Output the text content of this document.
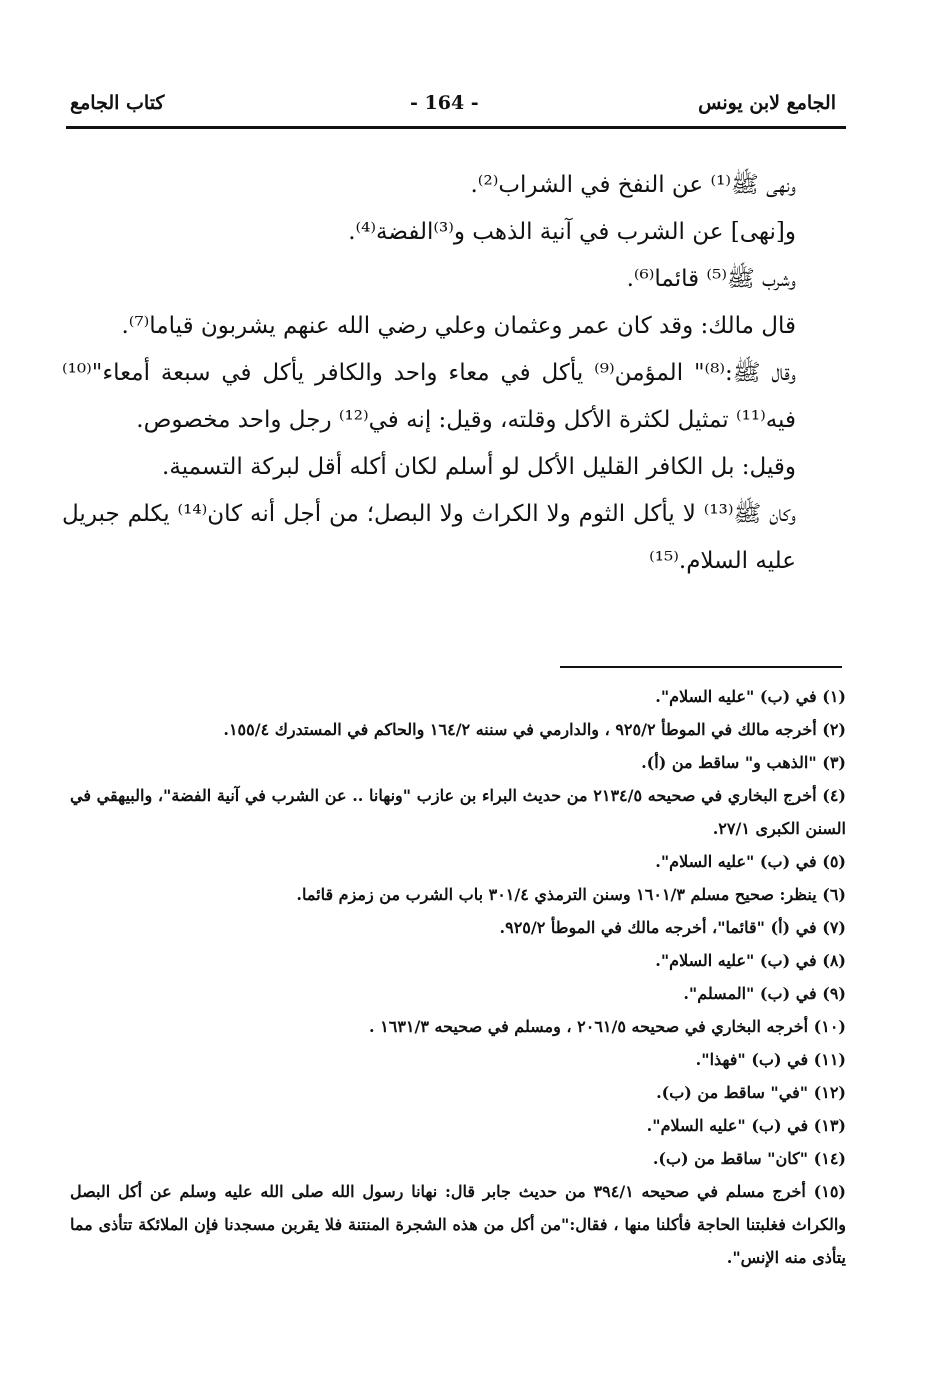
الجامع لابن يونس
- 164 -
كتاب الجامع

ونهى ﷺ⁽¹⁾ عن النفخ في الشراب⁽²⁾.

و[نهى] عن الشرب في آنية الذهب و⁽³⁾الفضة⁽⁴⁾.

وشرب ﷺ⁽⁵⁾ قائما⁽⁶⁾.

قال مالك: وقد كان عمر وعثمان وعلي رضي الله عنهم يشربون قياما⁽⁷⁾.

وقال ﷺ:⁽⁸⁾" المؤمن⁽⁹⁾ يأكل في معاء واحد والكافر يأكل في سبعة أمعاء"⁽¹⁰⁾ فيه⁽¹¹⁾ تمثيل لكثرة الأكل وقلته، وقيل: إنه في⁽¹²⁾ رجل واحد مخصوص.

وقيل: بل الكافر القليل الأكل لو أسلم لكان أكله أقل لبركة التسمية.

وكان ﷺ⁽¹³⁾ لا يأكل الثوم ولا الكراث ولا البصل؛ من أجل أنه كان⁽¹⁴⁾ يكلم جبريل عليه السلام.⁽¹⁵⁾

(١) في (ب) "عليه السلام".

(٢) أخرجه مالك في الموطأ ٩٢٥/٢ ، والدارمي في سننه ١٦٤/٢ والحاكم في المستدرك ١٥٥/٤.

(٣) "الذهب و" ساقط من (أ).

(٤) أخرج البخاري في صحيحه ٢١٣٤/٥ من حديث البراء بن عازب "ونهانا .. عن الشرب في آنية الفضة"، والبيهقي في السنن الكبرى ٢٧/١.

(٥) في (ب) "عليه السلام".

(٦) ينظر: صحيح مسلم ١٦٠١/٣ وسنن الترمذي ٣٠١/٤ باب الشرب من زمزم قائما.

(٧) في (أ) "قائما"، أخرجه مالك في الموطأ ٩٢٥/٢.

(٨) في (ب) "عليه السلام".

(٩) في (ب) "المسلم".

(١٠) أخرجه البخاري في صحيحه ٢٠٦١/٥ ، ومسلم في صحيحه ١٦٣١/٣ .

(١١) في (ب) "فهذا".

(١٢) "في" ساقط من (ب).

(١٣) في (ب) "عليه السلام".

(١٤) "كان" ساقط من (ب).

(١٥) أخرج مسلم في صحيحه ٣٩٤/١ من حديث جابر قال: نهانا رسول الله صلى الله عليه وسلم عن أكل البصل والكراث فغلبتنا الحاجة فأكلنا منها ، فقال:"من أكل من هذه الشجرة المنتنة فلا يقربن مسجدنا فإن الملائكة تتأذى مما يتأذى منه الإنس".
